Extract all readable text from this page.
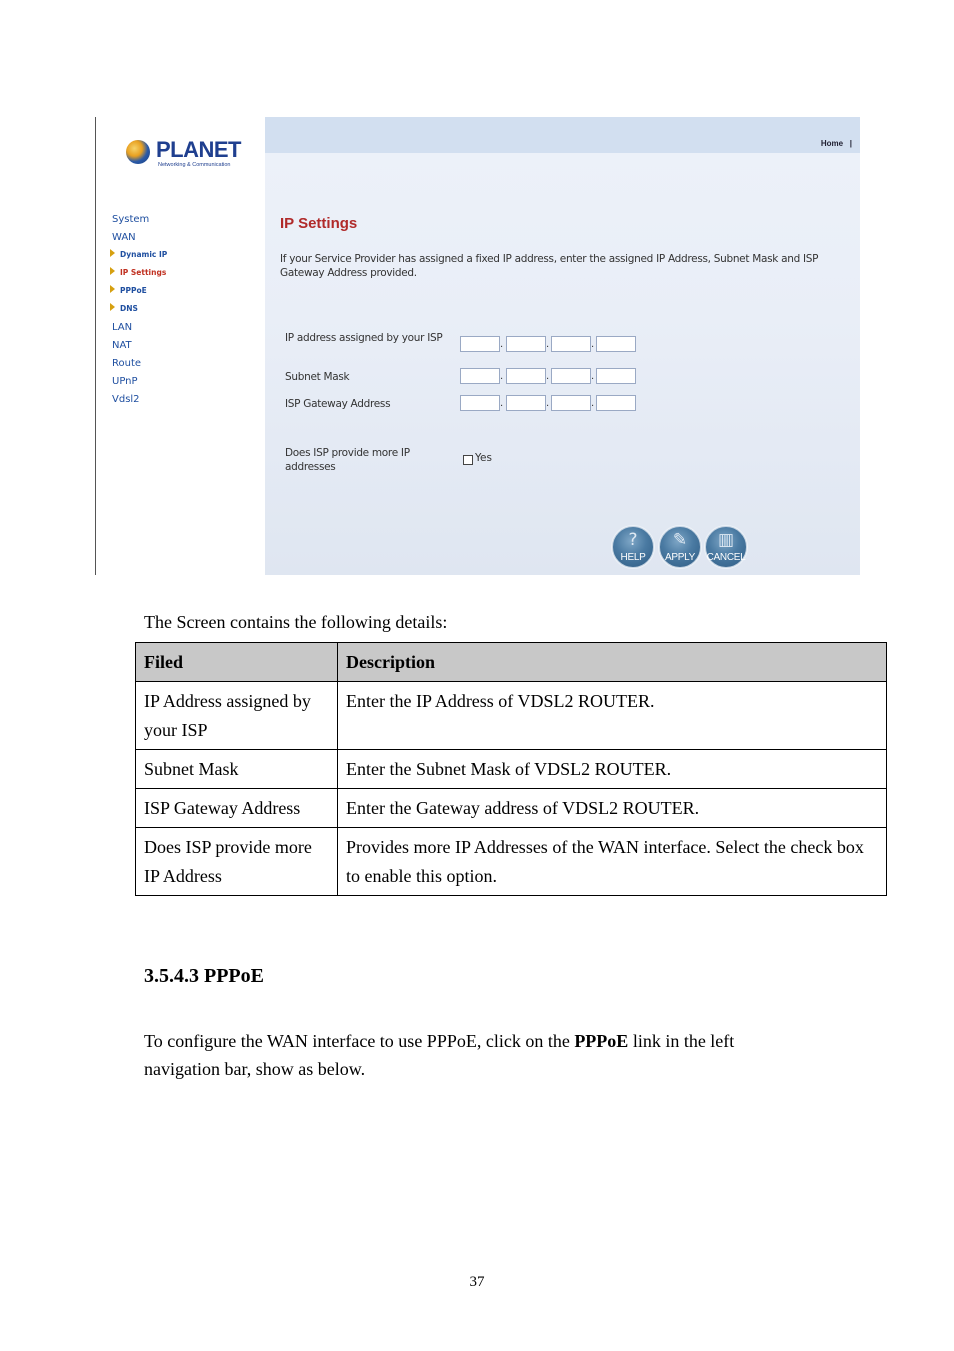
PLANET
Networking & Communication
System
WAN
Dynamic IP
IP Settings
PPPoE
DNS
LAN
NAT
Route
UPnP
Vdsl2
Home |
IP Settings
If your Service Provider has assigned a fixed IP address, enter the assigned IP Address, Subnet Mask and ISP Gateway Address provided.
IP address assigned by your ISP
.	.	.
Subnet Mask	.	.	.
ISP Gateway Address	.	.	.
Does ISP provide more IP addresses
Yes
?
HELP
✎
APPLY
▥
CANCEL
The Screen contains the following details:
Filed	Description
IP Address assigned by your ISP	Enter the IP Address of VDSL2 ROUTER.
Subnet Mask	Enter the Subnet Mask of VDSL2 ROUTER.
ISP Gateway Address	Enter the Gateway address of VDSL2 ROUTER.
Does ISP provide more IP Address	Provides more IP Addresses of the WAN interface. Select the check box to enable this option.
3.5.4.3 PPPoE
To configure the WAN interface to use PPPoE, click on the PPPoE link in the left
navigation bar, show as below.
37
